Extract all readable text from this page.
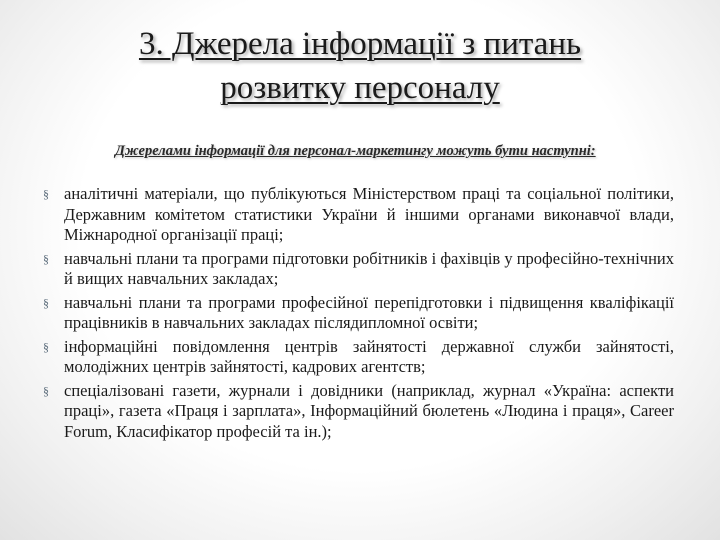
3. Джерела інформації з питань
розвитку персоналу
Джерелами інформації для персонал-маркетингу можуть бути наступні:
§ аналітичні матеріали, що публікуються Міністерством праці та соціальної політики, Державним комітетом статистики України й іншими органами виконавчої влади, Міжнародної організації праці;
§ навчальні плани та програми підготовки робітників і фахівців у професійно-технічних й вищих навчальних закладах;
§ навчальні плани та програми професійної перепідготовки і підвищення кваліфікації працівників в навчальних закладах післядипломної освіти;
§ інформаційні повідомлення центрів зайнятості державної служби зайнятості, молодіжних центрів зайнятості, кадрових агентств;
§ спеціалізовані газети, журнали і довідники (наприклад, журнал «Україна: аспекти праці», газета «Праця і зарплата», Інформаційний бюлетень «Людина і праця», Career Forum, Класифікатор професій та ін.);
